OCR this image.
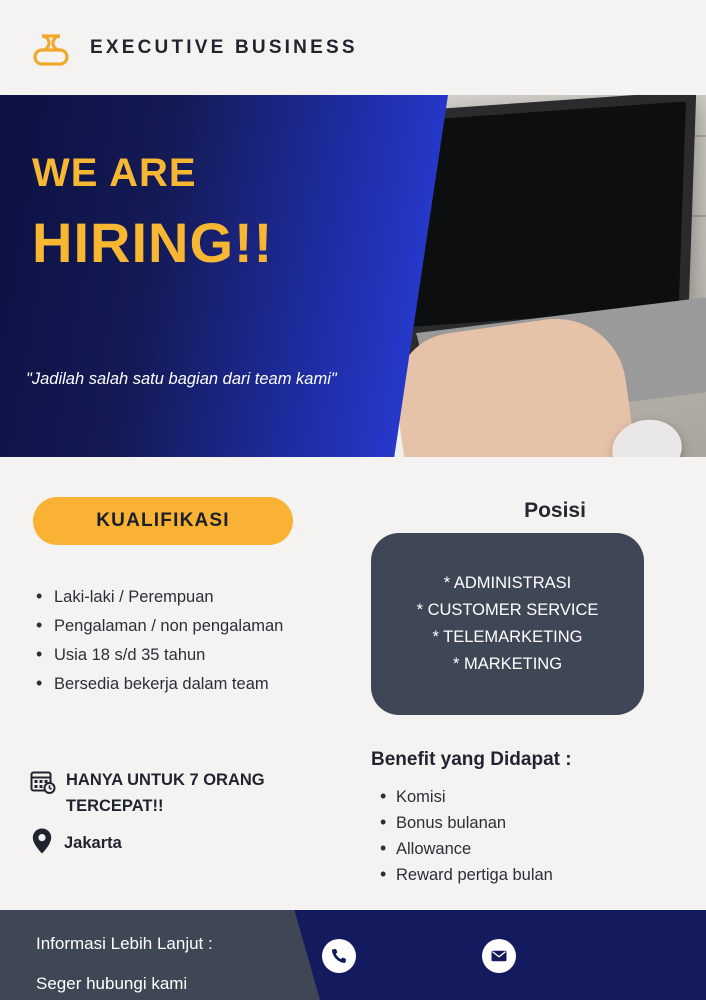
EXECUTIVE BUSINESS
WE ARE
HIRING!!
"Jadilah salah satu bagian dari team kami"
KUALIFIKASI
• Laki-laki / Perempuan
• Pengalaman / non pengalaman
• Usia 18 s/d 35 tahun
• Bersedia bekerja dalam team
Posisi
* ADMINISTRASI
* CUSTOMER SERVICE
* TELEMARKETING
* MARKETING
HANYA UNTUK 7 ORANG
TERCEPAT!!
Jakarta
Benefit yang Didapat :
• Komisi
• Bonus bulanan
• Allowance
• Reward pertiga bulan
Informasi Lebih Lanjut :
Seger hubungi kami
